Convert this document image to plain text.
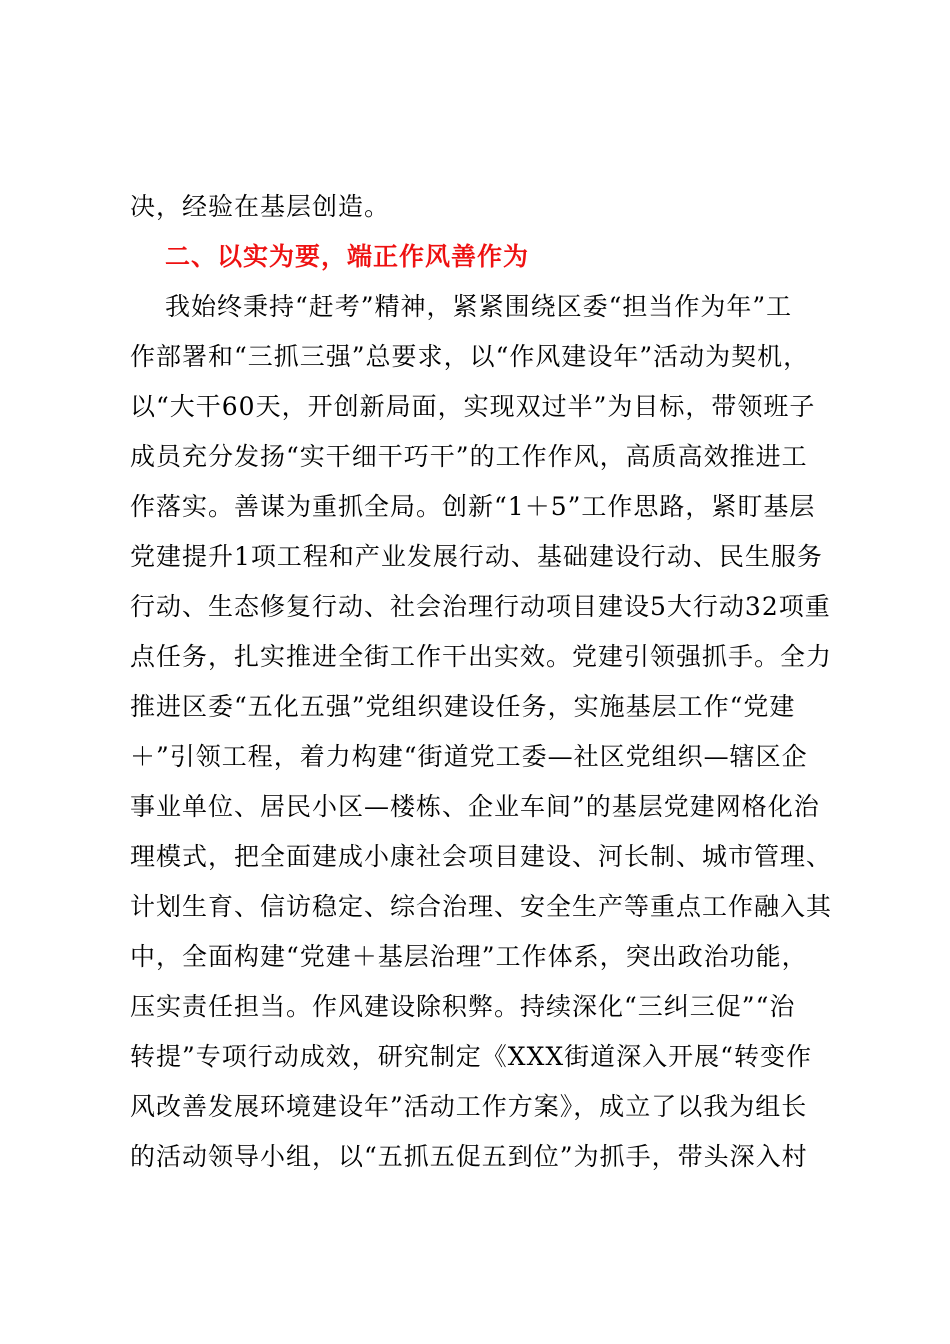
决，经验在基层创造。
二、以实为要，端正作风善作为
我始终秉持“赶考”精神，紧紧围绕区委“担当作为年”工
作部署和“三抓三强”总要求，以“作风建设年”活动为契机，
以“大干60天，开创新局面，实现双过半”为目标，带领班子
成员充分发扬“实干细干巧干”的工作作风，高质高效推进工
作落实。善谋为重抓全局。创新“1＋5”工作思路，紧盯基层
党建提升1项工程和产业发展行动、基础建设行动、民生服务
行动、生态修复行动、社会治理行动项目建设5大行动32项重
点任务，扎实推进全街工作干出实效。党建引领强抓手。全力
推进区委“五化五强”党组织建设任务，实施基层工作“党建
＋”引领工程，着力构建“街道党工委—社区党组织—辖区企
事业单位、居民小区—楼栋、企业车间”的基层党建网格化治
理模式，把全面建成小康社会项目建设、河长制、城市管理、
计划生育、信访稳定、综合治理、安全生产等重点工作融入其
中，全面构建“党建＋基层治理”工作体系，突出政治功能，
压实责任担当。作风建设除积弊。持续深化“三纠三促”“治
转提”专项行动成效，研究制定《XXX街道深入开展“转变作
风改善发展环境建设年”活动工作方案》，成立了以我为组长
的活动领导小组，以“五抓五促五到位”为抓手，带头深入村
